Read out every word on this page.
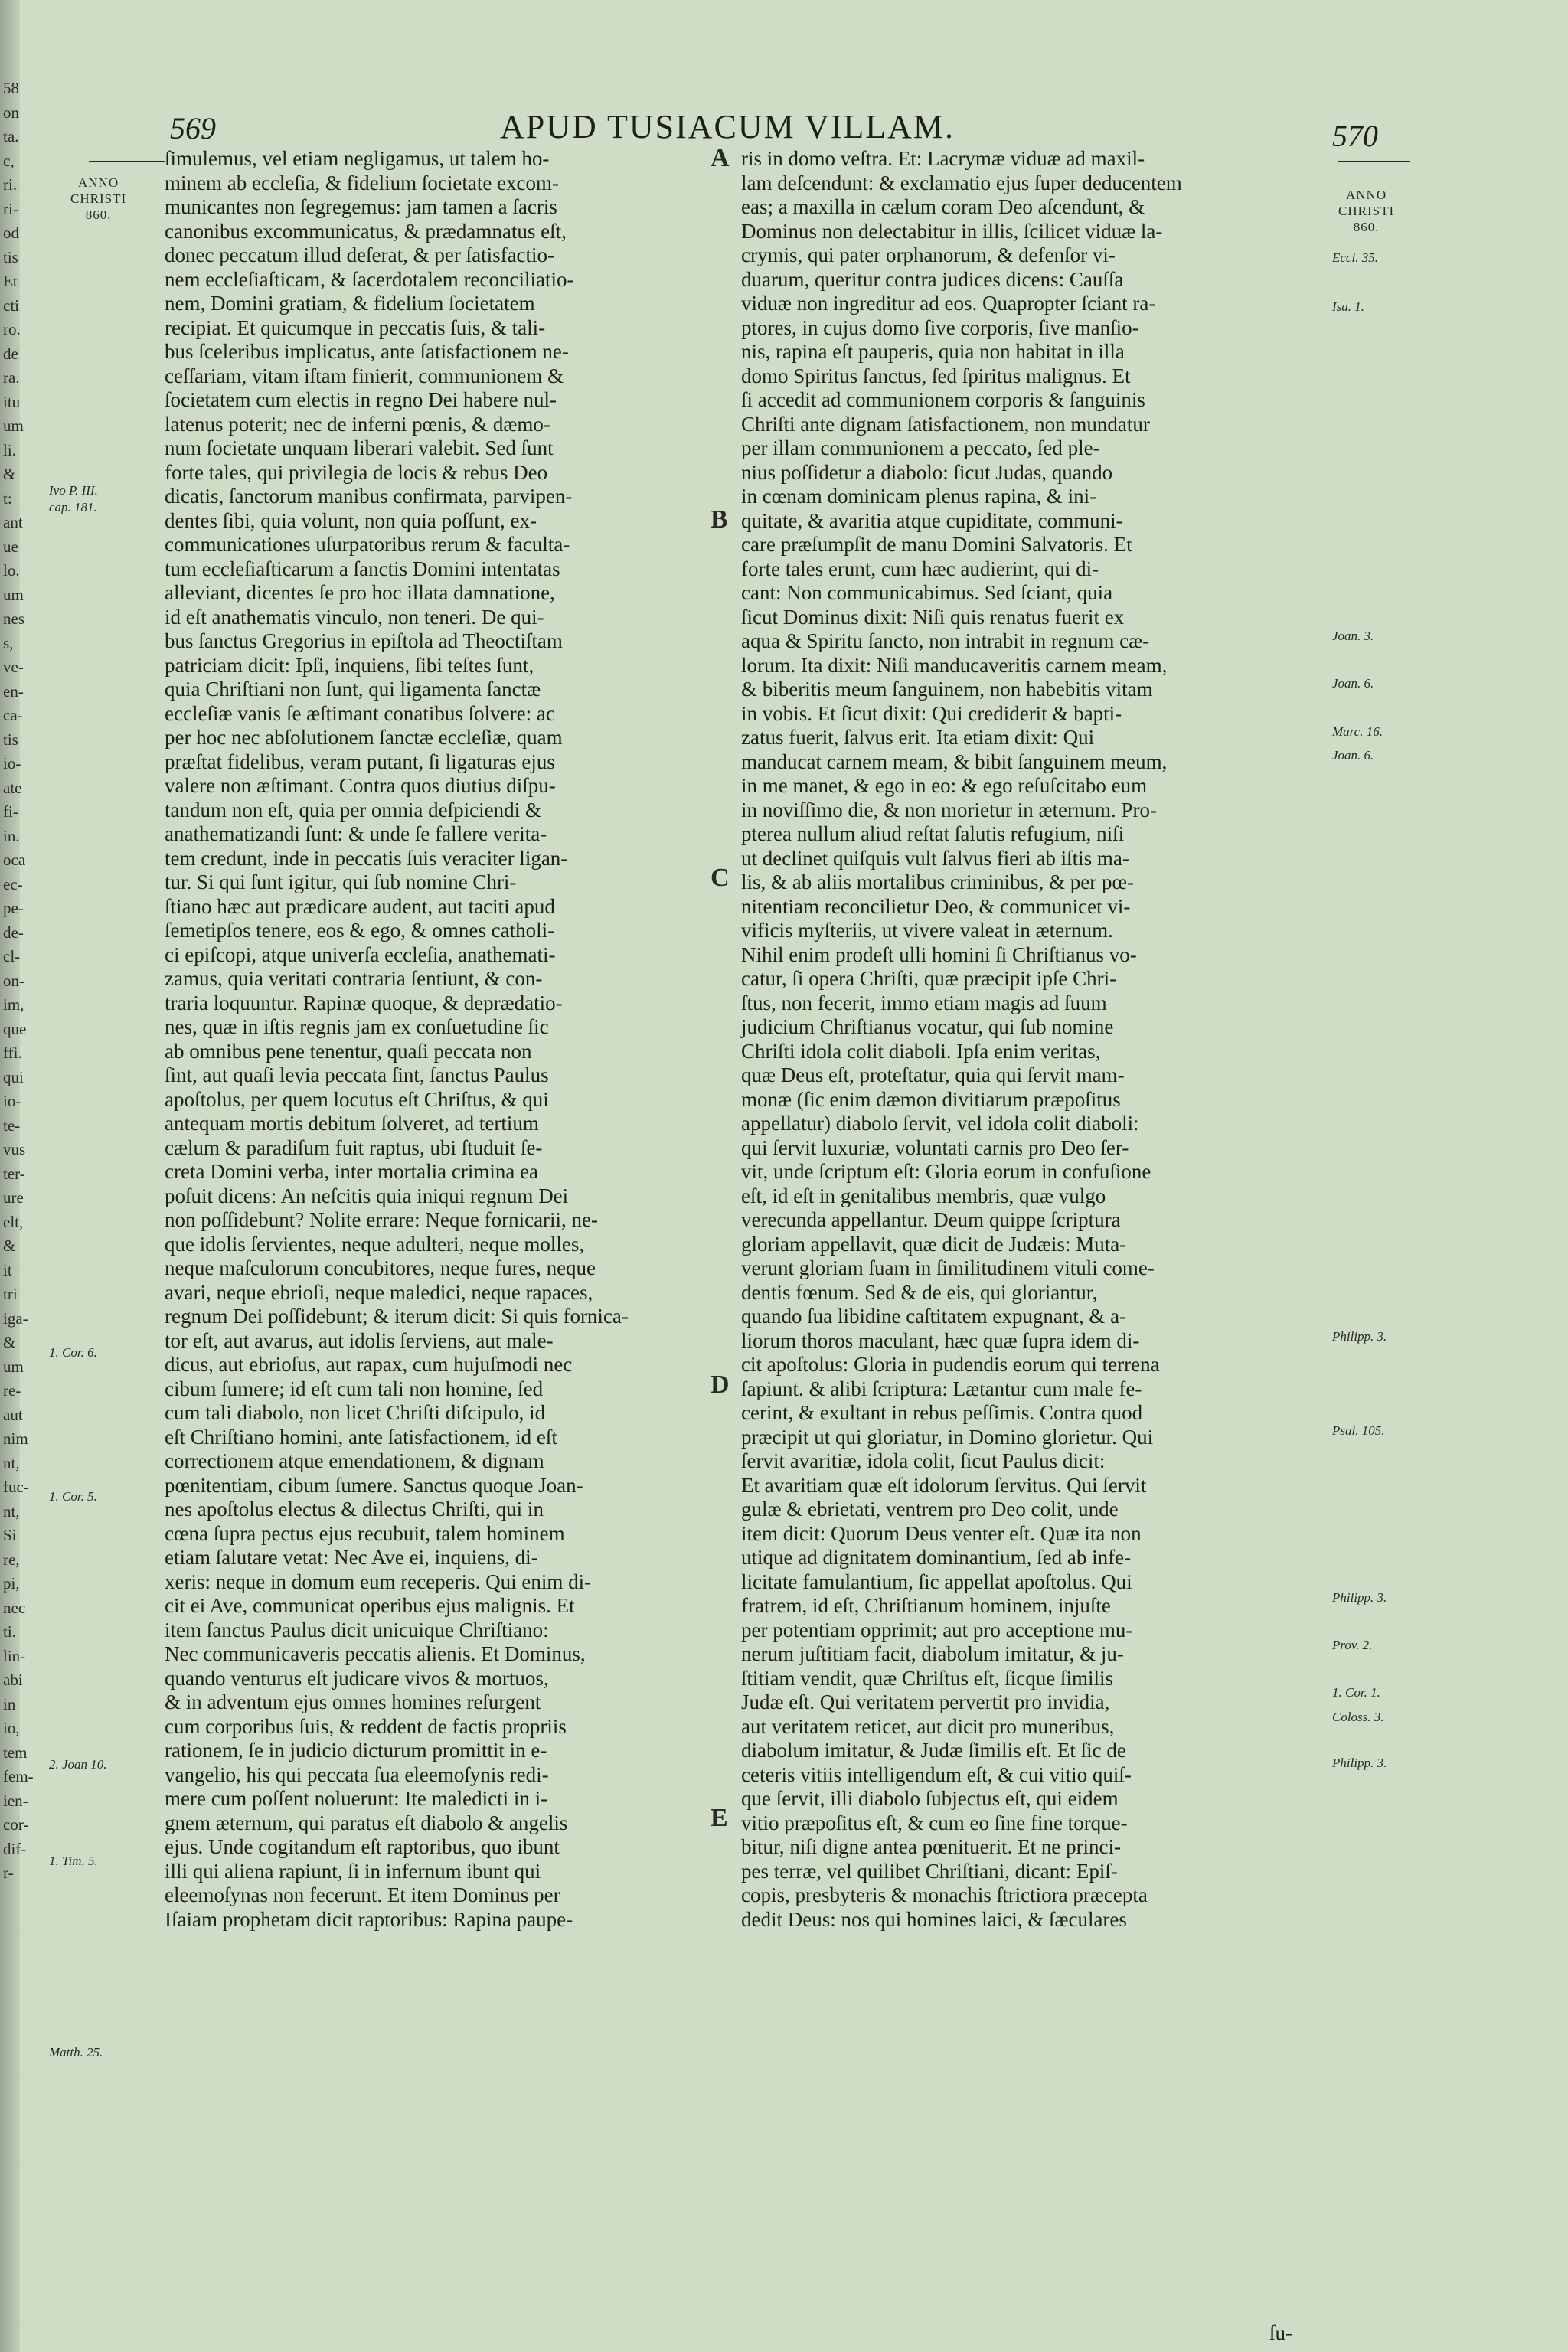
58
on
ta.
c,
ri.
ri-
od
tis
Et
cti
ro.
de
ra.
itu
um
li.
&
t:
ant
ue
lo.
um
nes
s,
ve-
en-
ca-
tis
io-
ate
fi-
in.
oca
ec-
pe-
de-
cl-
on-
im,
que
ffi.
qui
io-
te-
vus
ter-
ure
elt,
&
it
tri
iga-
&
um
re-
aut
nim
nt,
fuc-
nt,
Si
re,
pi,
nec
ti.
lin-
abi
in
io,
tem
fem-
ien-
cor-
dif-
r-
569	APUD TUSIACUM VILLAM.	570
ANNO
CHRISTI
860.
ANNO
CHRISTI
860.
Ivo P. III.
cap. 181.
1. Cor. 6.
1. Cor. 5.
2. Joan 10.
1. Tim. 5.
Matth. 25.
Eccl. 35.
Isa. 1.
Joan. 3.
Joan. 6.
Marc. 16.
Joan. 6.
Philipp. 3.
Psal. 105.
Philipp. 3.
Prov. 2.
1. Cor. 1.
Coloss. 3.
Philipp. 3.
A
B
C
D
E

ſimulemus, vel etiam negligamus, ut talem ho-

minem ab eccleſia, & fidelium ſocietate excom-

municantes non ſegregemus: jam tamen a ſacris

canonibus excommunicatus, & prædamnatus eſt,

donec peccatum illud deſerat, & per ſatisfactio-

nem eccleſiaſticam, & ſacerdotalem reconciliatio-

nem, Domini gratiam, & fidelium ſocietatem

recipiat. Et quicumque in peccatis ſuis, & tali-

bus ſceleribus implicatus, ante ſatisfactionem ne-

ceſſariam, vitam iſtam finierit, communionem &

ſocietatem cum electis in regno Dei habere nul-

latenus poterit; nec de inferni pœnis, & dæmo-

num ſocietate unquam liberari valebit. Sed ſunt

forte tales, qui privilegia de locis & rebus Deo

dicatis, ſanctorum manibus confirmata, parvipen-

dentes ſibi, quia volunt, non quia poſſunt, ex-

communicationes uſurpatoribus rerum & faculta-

tum eccleſiaſticarum a ſanctis Domini intentatas

alleviant, dicentes ſe pro hoc illata damnatione,

id eſt anathematis vinculo, non teneri. De qui-

bus ſanctus Gregorius in epiſtola ad Theoctiſtam

patriciam dicit: Ipſi, inquiens, ſibi teſtes ſunt,

quia Chriſtiani non ſunt, qui ligamenta ſanctæ

eccleſiæ vanis ſe æſtimant conatibus ſolvere: ac

per hoc nec abſolutionem ſanctæ eccleſiæ, quam

præſtat fidelibus, veram putant, ſi ligaturas ejus

valere non æſtimant. Contra quos diutius diſpu-

tandum non eſt, quia per omnia deſpiciendi &

anathematizandi ſunt: & unde ſe fallere verita-

tem credunt, inde in peccatis ſuis veraciter ligan-

tur. Si qui ſunt igitur, qui ſub nomine Chri-

ſtiano hæc aut prædicare audent, aut taciti apud

ſemetipſos tenere, eos & ego, & omnes catholi-

ci epiſcopi, atque univerſa eccleſia, anathemati-

zamus, quia veritati contraria ſentiunt, & con-

traria loquuntur. Rapinæ quoque, & deprædatio-

nes, quæ in iſtis regnis jam ex conſuetudine ſic

ab omnibus pene tenentur, quaſi peccata non

ſint, aut quaſi levia peccata ſint, ſanctus Paulus

apoſtolus, per quem locutus eſt Chriſtus, & qui

antequam mortis debitum ſolveret, ad tertium

cælum & paradiſum fuit raptus, ubi ſtuduit ſe-

creta Domini verba, inter mortalia crimina ea

poſuit dicens: An neſcitis quia iniqui regnum Dei

non poſſidebunt? Nolite errare: Neque fornicarii, ne-

que idolis ſervientes, neque adulteri, neque molles,

neque maſculorum concubitores, neque fures, neque

avari, neque ebrioſi, neque maledici, neque rapaces,

regnum Dei poſſidebunt; & iterum dicit: Si quis fornica-

tor eſt, aut avarus, aut idolis ſerviens, aut male-

dicus, aut ebrioſus, aut rapax, cum hujuſmodi nec

cibum ſumere; id eſt cum tali non homine, ſed

cum tali diabolo, non licet Chriſti diſcipulo, id

eſt Chriſtiano homini, ante ſatisfactionem, id eſt

correctionem atque emendationem, & dignam

pœnitentiam, cibum ſumere. Sanctus quoque Joan-

nes apoſtolus electus & dilectus Chriſti, qui in

cœna ſupra pectus ejus recubuit, talem hominem

etiam ſalutare vetat: Nec Ave ei, inquiens, di-

xeris: neque in domum eum receperis. Qui enim di-

cit ei Ave, communicat operibus ejus malignis. Et

item ſanctus Paulus dicit unicuique Chriſtiano:

Nec communicaveris peccatis alienis. Et Dominus,

quando venturus eſt judicare vivos & mortuos,

& in adventum ejus omnes homines reſurgent

cum corporibus ſuis, & reddent de factis propriis

rationem, ſe in judicio dicturum promittit in e-

vangelio, his qui peccata ſua eleemoſynis redi-

mere cum poſſent noluerunt: Ite maledicti in i-

gnem æternum, qui paratus eſt diabolo & angelis

ejus. Unde cogitandum eſt raptoribus, quo ibunt

illi qui aliena rapiunt, ſi in infernum ibunt qui

eleemoſynas non fecerunt. Et item Dominus per

Iſaiam prophetam dicit raptoribus: Rapina paupe-

ris in domo veſtra. Et: Lacrymæ viduæ ad maxil-

lam deſcendunt: & exclamatio ejus ſuper deducentem

eas; a maxilla in cælum coram Deo aſcendunt, &

Dominus non delectabitur in illis, ſcilicet viduæ la-

crymis, qui pater orphanorum, & defenſor vi-

duarum, queritur contra judices dicens: Cauſſa

viduæ non ingreditur ad eos. Quapropter ſciant ra-

ptores, in cujus domo ſive corporis, ſive manſio-

nis, rapina eſt pauperis, quia non habitat in illa

domo Spiritus ſanctus, ſed ſpiritus malignus. Et

ſi accedit ad communionem corporis & ſanguinis

Chriſti ante dignam ſatisfactionem, non mundatur

per illam communionem a peccato, ſed ple-

nius poſſidetur a diabolo: ſicut Judas, quando

in cœnam dominicam plenus rapina, & ini-

quitate, & avaritia atque cupiditate, communi-

care præſumpſit de manu Domini Salvatoris. Et

forte tales erunt, cum hæc audierint, qui di-

cant: Non communicabimus. Sed ſciant, quia

ſicut Dominus dixit: Niſi quis renatus fuerit ex

aqua & Spiritu ſancto, non intrabit in regnum cæ-

lorum. Ita dixit: Niſi manducaveritis carnem meam,

& biberitis meum ſanguinem, non habebitis vitam

in vobis. Et ſicut dixit: Qui crediderit & bapti-

zatus fuerit, ſalvus erit. Ita etiam dixit: Qui

manducat carnem meam, & bibit ſanguinem meum,

in me manet, & ego in eo: & ego reſuſcitabo eum

in noviſſimo die, & non morietur in æternum. Pro-

pterea nullum aliud reſtat ſalutis refugium, niſi

ut declinet quiſquis vult ſalvus fieri ab iſtis ma-

lis, & ab aliis mortalibus criminibus, & per pœ-

nitentiam reconcilietur Deo, & communicet vi-

vificis myſteriis, ut vivere valeat in æternum.

Nihil enim prodeſt ulli homini ſi Chriſtianus vo-

catur, ſi opera Chriſti, quæ præcipit ipſe Chri-

ſtus, non fecerit, immo etiam magis ad ſuum

judicium Chriſtianus vocatur, qui ſub nomine

Chriſti idola colit diaboli. Ipſa enim veritas,

quæ Deus eſt, proteſtatur, quia qui ſervit mam-

monæ (ſic enim dæmon divitiarum præpoſitus

appellatur) diabolo ſervit, vel idola colit diaboli:

qui ſervit luxuriæ, voluntati carnis pro Deo ſer-

vit, unde ſcriptum eſt: Gloria eorum in confuſione

eſt, id eſt in genitalibus membris, quæ vulgo

verecunda appellantur. Deum quippe ſcriptura

gloriam appellavit, quæ dicit de Judæis: Muta-

verunt gloriam ſuam in ſimilitudinem vituli come-

dentis fœnum. Sed & de eis, qui gloriantur,

quando ſua libidine caſtitatem expugnant, & a-

liorum thoros maculant, hæc quæ ſupra idem di-

cit apoſtolus: Gloria in pudendis eorum qui terrena

ſapiunt. & alibi ſcriptura: Lætantur cum male fe-

cerint, & exultant in rebus peſſimis. Contra quod

præcipit ut qui gloriatur, in Domino glorietur. Qui

ſervit avaritiæ, idola colit, ſicut Paulus dicit:

Et avaritiam quæ eſt idolorum ſervitus. Qui ſervit

gulæ & ebrietati, ventrem pro Deo colit, unde

item dicit: Quorum Deus venter eſt. Quæ ita non

utique ad dignitatem dominantium, ſed ab infe-

licitate famulantium, ſic appellat apoſtolus. Qui

fratrem, id eſt, Chriſtianum hominem, injuſte

per potentiam opprimit; aut pro acceptione mu-

nerum juſtitiam facit, diabolum imitatur, & ju-

ſtitiam vendit, quæ Chriſtus eſt, ſicque ſimilis

Judæ eſt. Qui veritatem pervertit pro invidia,

aut veritatem reticet, aut dicit pro muneribus,

diabolum imitatur, & Judæ ſimilis eſt. Et ſic de

ceteris vitiis intelligendum eſt, & cui vitio quiſ-

que ſervit, illi diabolo ſubjectus eſt, qui eidem

vitio præpoſitus eſt, & cum eo ſine fine torque-

bitur, niſi digne antea pœnituerit. Et ne princi-

pes terræ, vel quilibet Chriſtiani, dicant: Epiſ-

copis, presbyteris & monachis ſtrictiora præcepta

dedit Deus: nos qui homines laici, & ſæculares

ſu-
